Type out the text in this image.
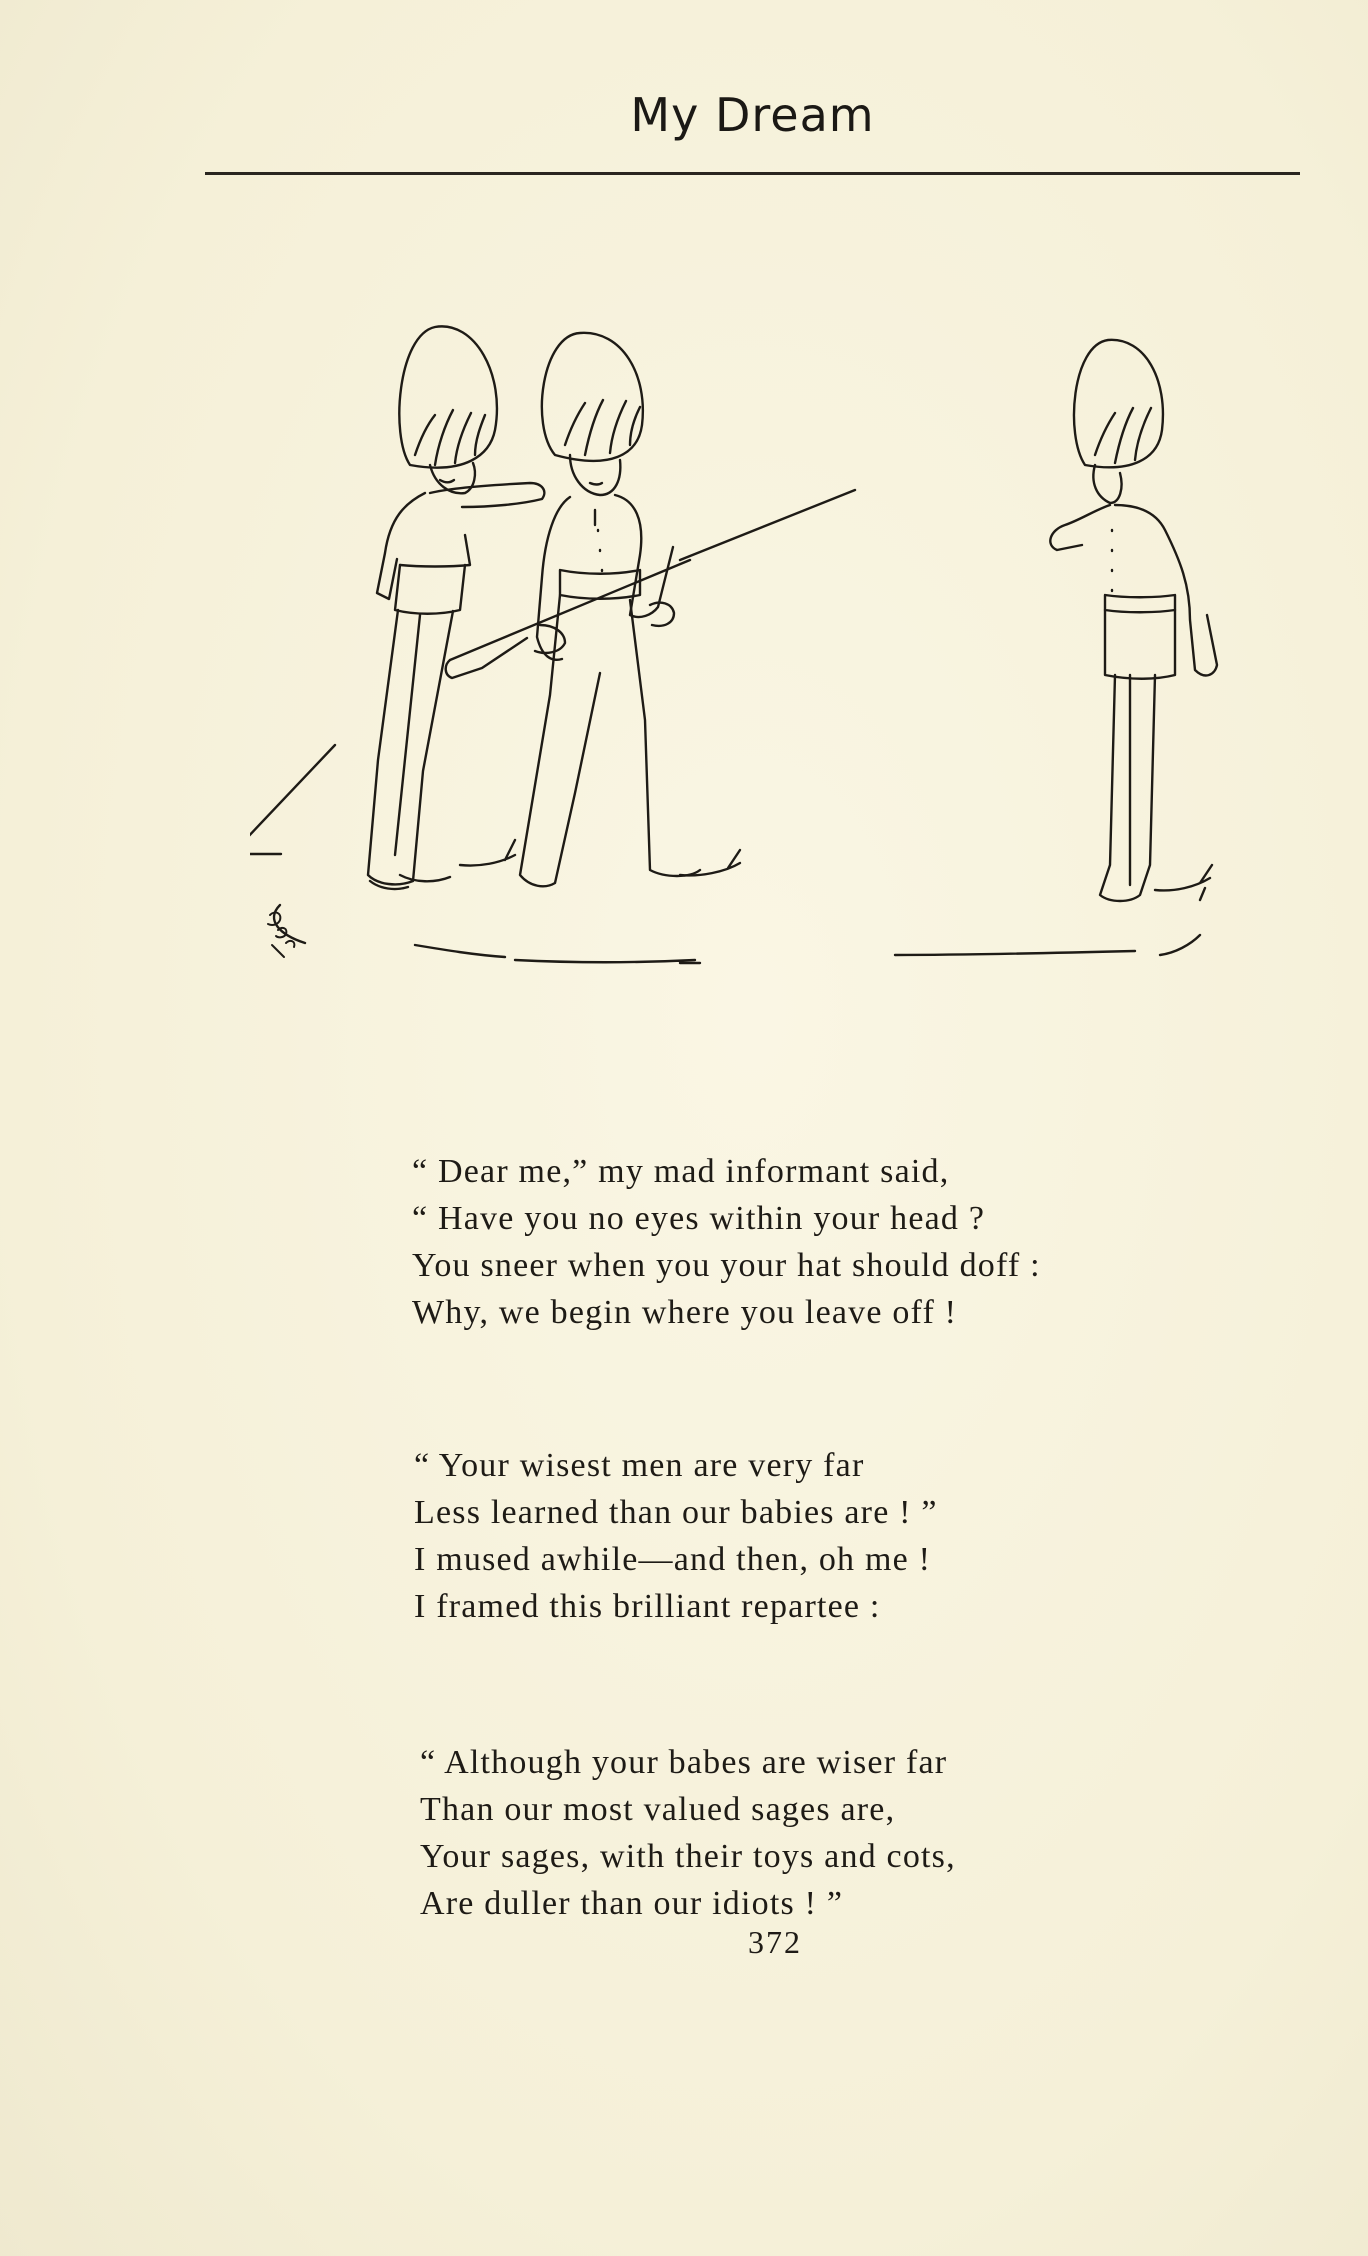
My Dream
“ Dear me,” my mad informant said,
“ Have you no eyes within your head ?
You sneer when you your hat should doff :
Why, we begin where you leave off !
“ Your wisest men are very far
Less learned than our babies are ! ”
I mused awhile—and then, oh me !
I framed this brilliant repartee :
“ Although your babes are wiser far
Than our most valued sages are,
Your sages, with their toys and cots,
Are duller than our idiots ! ”
372
